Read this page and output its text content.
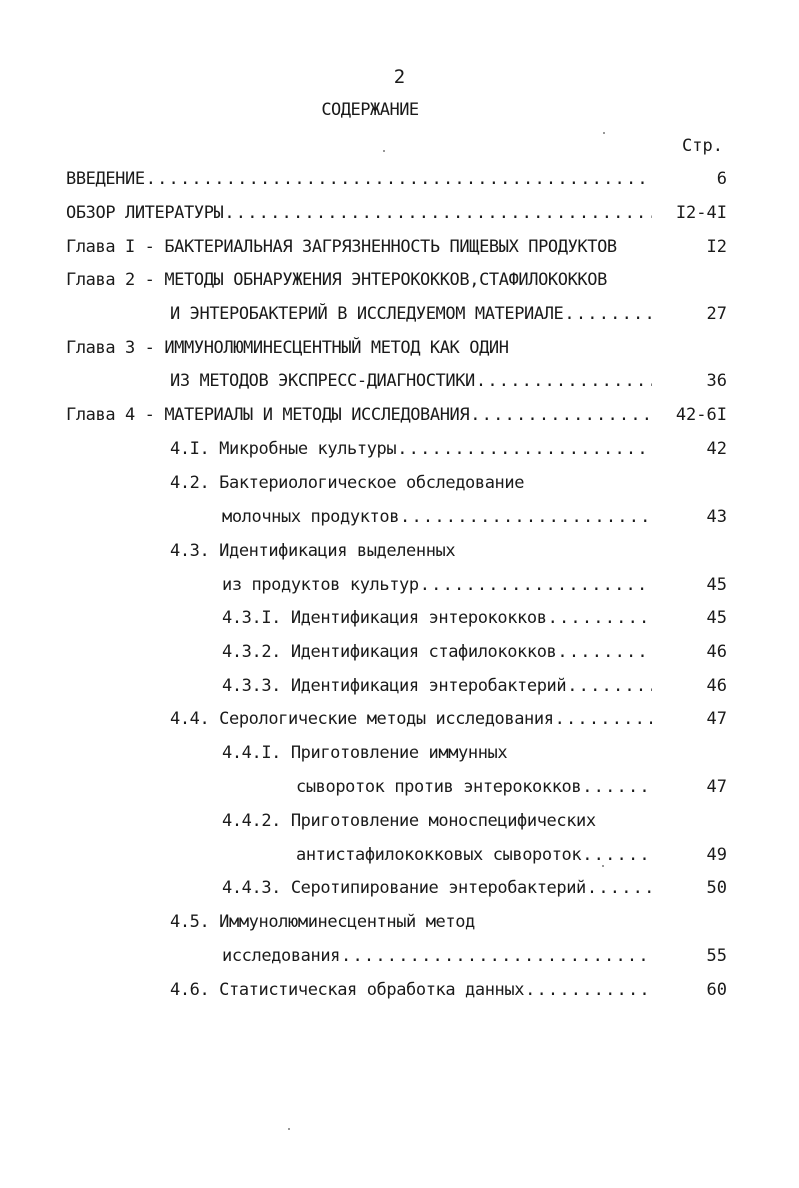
2
СОДЕРЖАНИЕ
Стр.
ВВЕДЕНИЕ .....	6
ОБЗОР ЛИТЕРАТУРЫ .....	I2-4I
Глава I - БАКТЕРИАЛЬНАЯ ЗАГРЯЗНЕННОСТЬ ПИЩЕВЫХ ПРОДУКТОВ	I2
Глава 2 - МЕТОДЫ ОБНАРУЖЕНИЯ ЭНТЕРОКОККОВ,СТАФИЛОКОККОВ
И ЭНТЕРОБАКТЕРИЙ В ИССЛЕДУЕМОМ МАТЕРИАЛЕ .....	27
Глава 3 - ИММУНОЛЮМИНЕСЦЕНТНЫЙ МЕТОД КАК ОДИН
ИЗ МЕТОДОВ ЭКСПРЕСС-ДИАГНОСТИКИ .....	36
Глава 4 - МАТЕРИАЛЫ И МЕТОДЫ ИССЛЕДОВАНИЯ .....	42-6I
4.I. Микробные культуры .....	42
4.2. Бактериологическое обследование
молочных продуктов .....	43
4.3. Идентификация выделенных
из продуктов культур .....	45
4.3.I. Идентификация энтерококков .....	45
4.3.2. Идентификация стафилококков .....	46
4.3.3. Идентификация энтеробактерий .....	46
4.4. Серологические методы исследования .....	47
4.4.I. Приготовление иммунных
сывороток против энтерококков .....	47
4.4.2. Приготовление моноспецифических
антистафилококковых сывороток .....	49
4.4.3. Серотипирование энтеробактерий .....	50
4.5. Иммунолюминесцентный метод
исследования .....	55
4.6. Статистическая обработка данных .....	60
